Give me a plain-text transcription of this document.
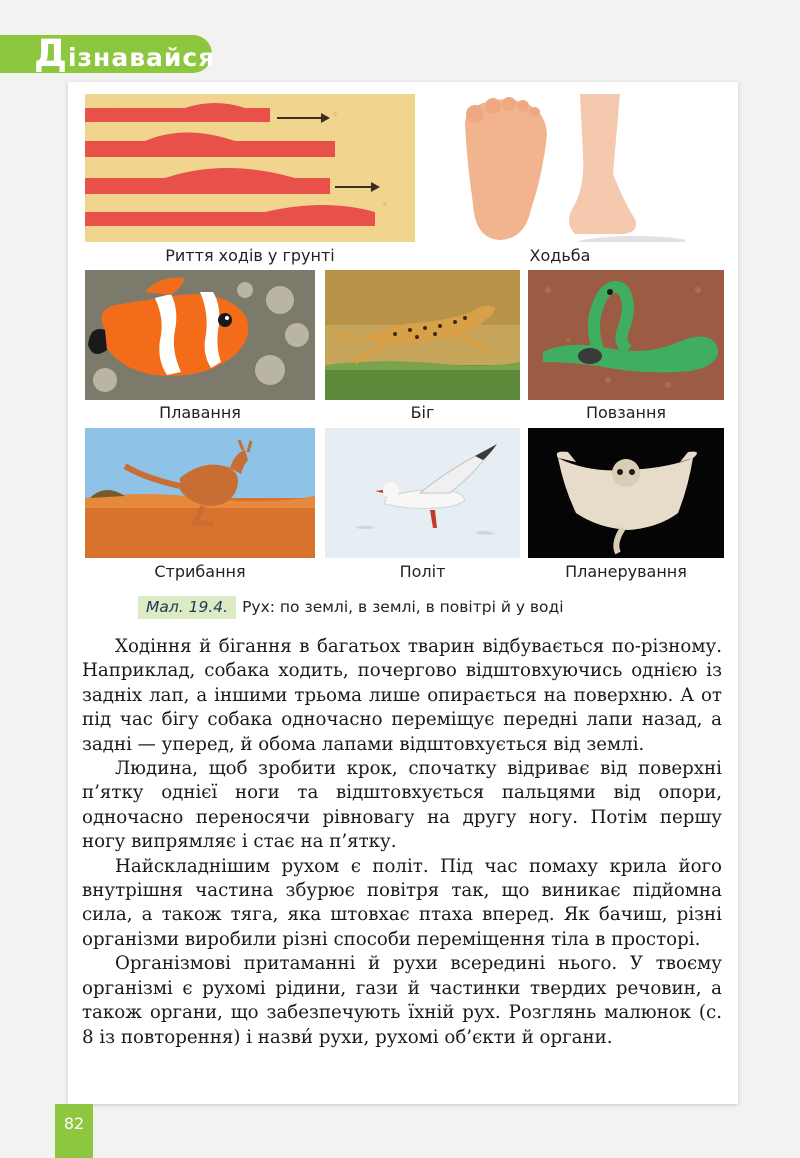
Дізнавайся
Риття ходів у грунті	Ходьба
Плавання	Біг	Повзання
Стрибання	Політ	Планерування
Мал. 19.4. Рух: по землі, в землі, в повітрі й у воді

Ходіння й бігання в багатьох тварин відбувається по-різному. Наприклад, собака ходить, почергово відштовхуючись однією із задніх лап, а іншими трьома лише опирається на поверхню. А от під час бігу собака одночасно переміщує передні лапи назад, а задні — уперед, й обома лапами відштовхується від землі.

Людина, щоб зробити крок, спочатку відриває від поверхні п’ятку однієї ноги та відштовхується пальцями від опори, одночасно переносячи рівновагу на другу ногу. Потім першу ногу випрямляє і стає на п’ятку.

Найскладнішим рухом є політ. Під час помаху крила його внутрішня частина збурює повітря так, що виникає підйомна сила, а також тяга, яка штовхає птаха вперед. Як бачиш, різні організми виробили різні способи переміщення тіла в просторі.

Організмові притаманні й рухи всередині нього. У твоєму організмі є рухомі рідини, гази й частинки твердих речовин, а також органи, що забезпечують їхній рух. Розглянь малюнок (с. 8 із повторення) і назви́ рухи, рухомі об’єкти й органи.

82
